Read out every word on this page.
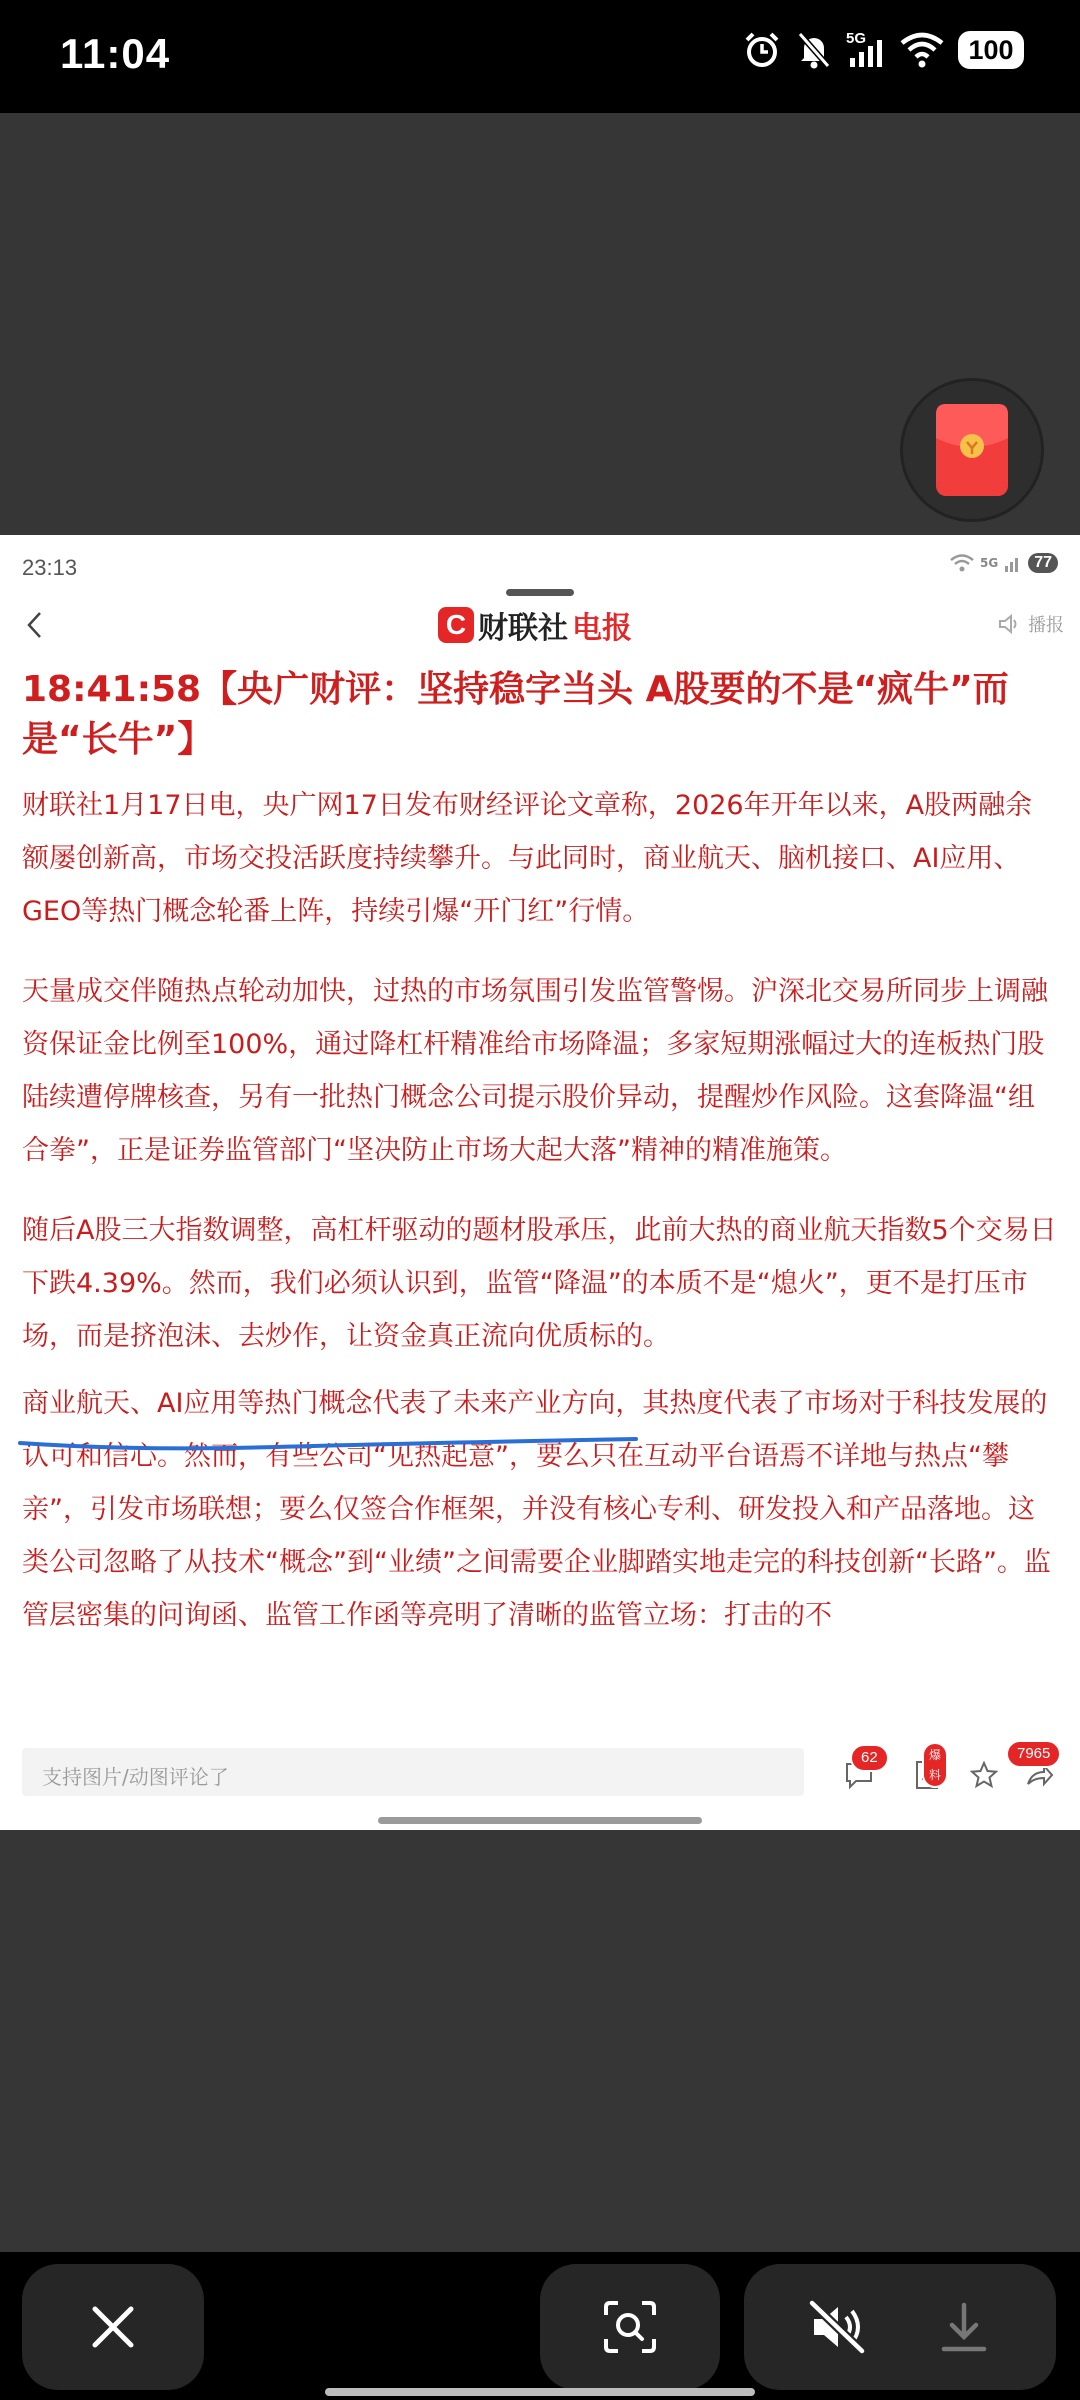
11:04	5G	100
23:13	5G	77
C 财联社 电报	播报
18:41:58【央广财评：坚持稳字当头 A股要的不是“疯牛”而是“长牛”】

财联社1月17日电，央广网17日发布财经评论文章称，2026年开年以来，A股两融余额屡创新高，市场交投活跃度持续攀升。与此同时，商业航天、脑机接口、AI应用、GEO等热门概念轮番上阵，持续引爆“开门红”行情。

天量成交伴随热点轮动加快，过热的市场氛围引发监管警惕。沪深北交易所同步上调融资保证金比例至100%，通过降杠杆精准给市场降温；多家短期涨幅过大的连板热门股陆续遭停牌核查，另有一批热门概念公司提示股价异动，提醒炒作风险。这套降温“组合拳”，正是证券监管部门“坚决防止市场大起大落”精神的精准施策。

随后A股三大指数调整，高杠杆驱动的题材股承压，此前大热的商业航天指数5个交易日下跌4.39%。然而，我们必须认识到，监管“降温”的本质不是“熄火”，更不是打压市场，而是挤泡沫、去炒作，让资金真正流向优质标的。

商业航天、AI应用等热门概念代表了未来产业方向，其热度代表了市场对于科技发展的认可和信心。然而，有些公司“见热起意”，要么只在互动平台语焉不详地与热点“攀亲”，引发市场联想；要么仅签合作框架，并没有核心专利、研发投入和产品落地。这类公司忽略了从技术“概念”到“业绩”之间需要企业脚踏实地走完的科技创新“长路”。监管层密集的问询函、监管工作函等亮明了清晰的监管立场：打击的不

支持图片/动图评论了
62	爆料
7965
